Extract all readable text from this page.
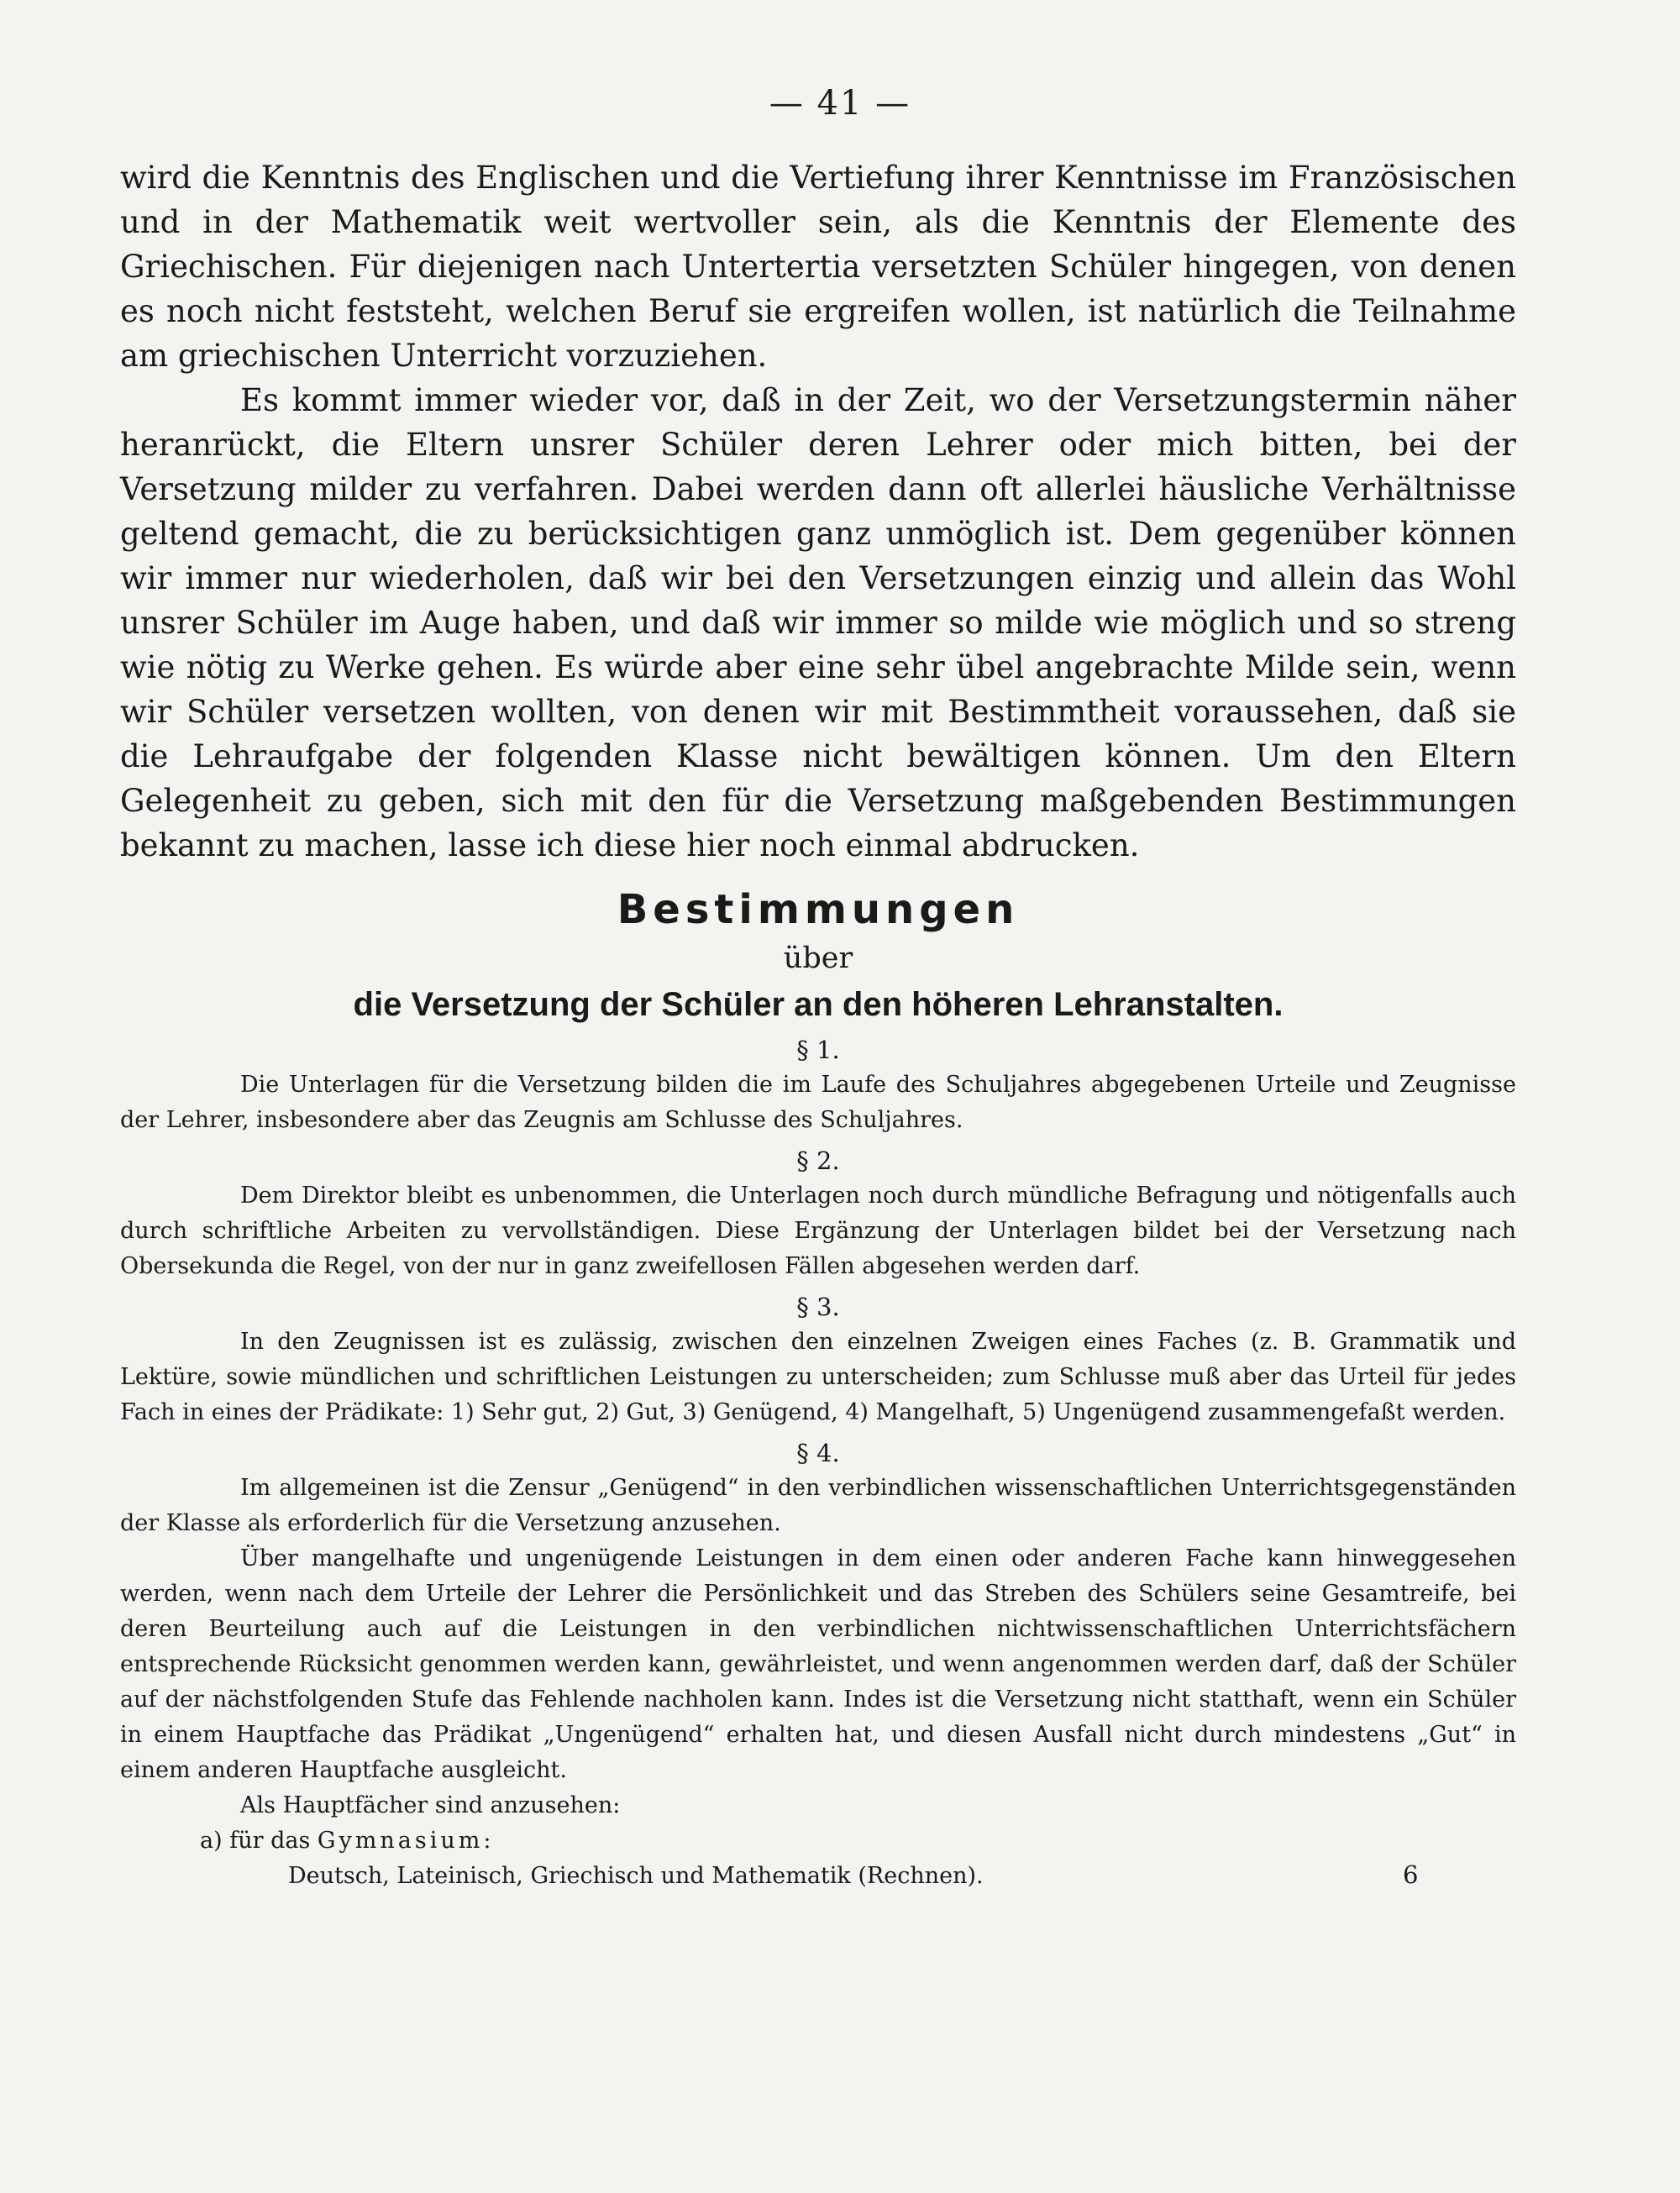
— 41 —

wird die Kenntnis des Englischen und die Vertiefung ihrer Kenntnisse im Französischen und in der Mathematik weit wertvoller sein, als die Kenntnis der Elemente des Griechischen. Für diejenigen nach Untertertia versetzten Schüler hingegen, von denen es noch nicht feststeht, welchen Beruf sie ergreifen wollen, ist natürlich die Teilnahme am griechischen Unterricht vorzuziehen.

Es kommt immer wieder vor, daß in der Zeit, wo der Versetzungstermin näher heranrückt, die Eltern unsrer Schüler deren Lehrer oder mich bitten, bei der Versetzung milder zu verfahren. Dabei werden dann oft allerlei häusliche Verhältnisse geltend gemacht, die zu berücksichtigen ganz unmöglich ist. Dem gegenüber können wir immer nur wiederholen, daß wir bei den Versetzungen einzig und allein das Wohl unsrer Schüler im Auge haben, und daß wir immer so milde wie möglich und so streng wie nötig zu Werke gehen. Es würde aber eine sehr übel angebrachte Milde sein, wenn wir Schüler versetzen wollten, von denen wir mit Bestimmtheit voraussehen, daß sie die Lehraufgabe der folgenden Klasse nicht bewältigen können. Um den Eltern Gelegenheit zu geben, sich mit den für die Versetzung maßgebenden Bestimmungen bekannt zu machen, lasse ich diese hier noch einmal abdrucken.

Bestimmungen
über
die Versetzung der Schüler an den höheren Lehranstalten.
§ 1.

Die Unterlagen für die Versetzung bilden die im Laufe des Schuljahres abgegebenen Urteile und Zeugnisse der Lehrer, insbesondere aber das Zeugnis am Schlusse des Schuljahres.

§ 2.

Dem Direktor bleibt es unbenommen, die Unterlagen noch durch mündliche Befragung und nötigenfalls auch durch schriftliche Arbeiten zu vervollständigen. Diese Ergänzung der Unterlagen bildet bei der Versetzung nach Obersekunda die Regel, von der nur in ganz zweifellosen Fällen abgesehen werden darf.

§ 3.

In den Zeugnissen ist es zulässig, zwischen den einzelnen Zweigen eines Faches (z. B. Grammatik und Lektüre, sowie mündlichen und schriftlichen Leistungen zu unterscheiden; zum Schlusse muß aber das Urteil für jedes Fach in eines der Prädikate: 1) Sehr gut, 2) Gut, 3) Genügend, 4) Mangelhaft, 5) Ungenügend zusammengefaßt werden.

§ 4.

Im allgemeinen ist die Zensur „Genügend“ in den verbindlichen wissenschaftlichen Unterrichtsgegenständen der Klasse als erforderlich für die Versetzung anzusehen.

Über mangelhafte und ungenügende Leistungen in dem einen oder anderen Fache kann hinweggesehen werden, wenn nach dem Urteile der Lehrer die Persönlichkeit und das Streben des Schülers seine Gesamtreife, bei deren Beurteilung auch auf die Leistungen in den verbindlichen nichtwissenschaftlichen Unterrichtsfächern entsprechende Rücksicht genommen werden kann, gewährleistet, und wenn angenommen werden darf, daß der Schüler auf der nächstfolgenden Stufe das Fehlende nachholen kann. Indes ist die Versetzung nicht statthaft, wenn ein Schüler in einem Hauptfache das Prädikat „Ungenügend“ erhalten hat, und diesen Ausfall nicht durch mindestens „Gut“ in einem anderen Hauptfache ausgleicht.

Als Hauptfächer sind anzusehen:

a) für das Gymnasium:
Deutsch, Lateinisch, Griechisch und Mathematik (Rechnen).	6
